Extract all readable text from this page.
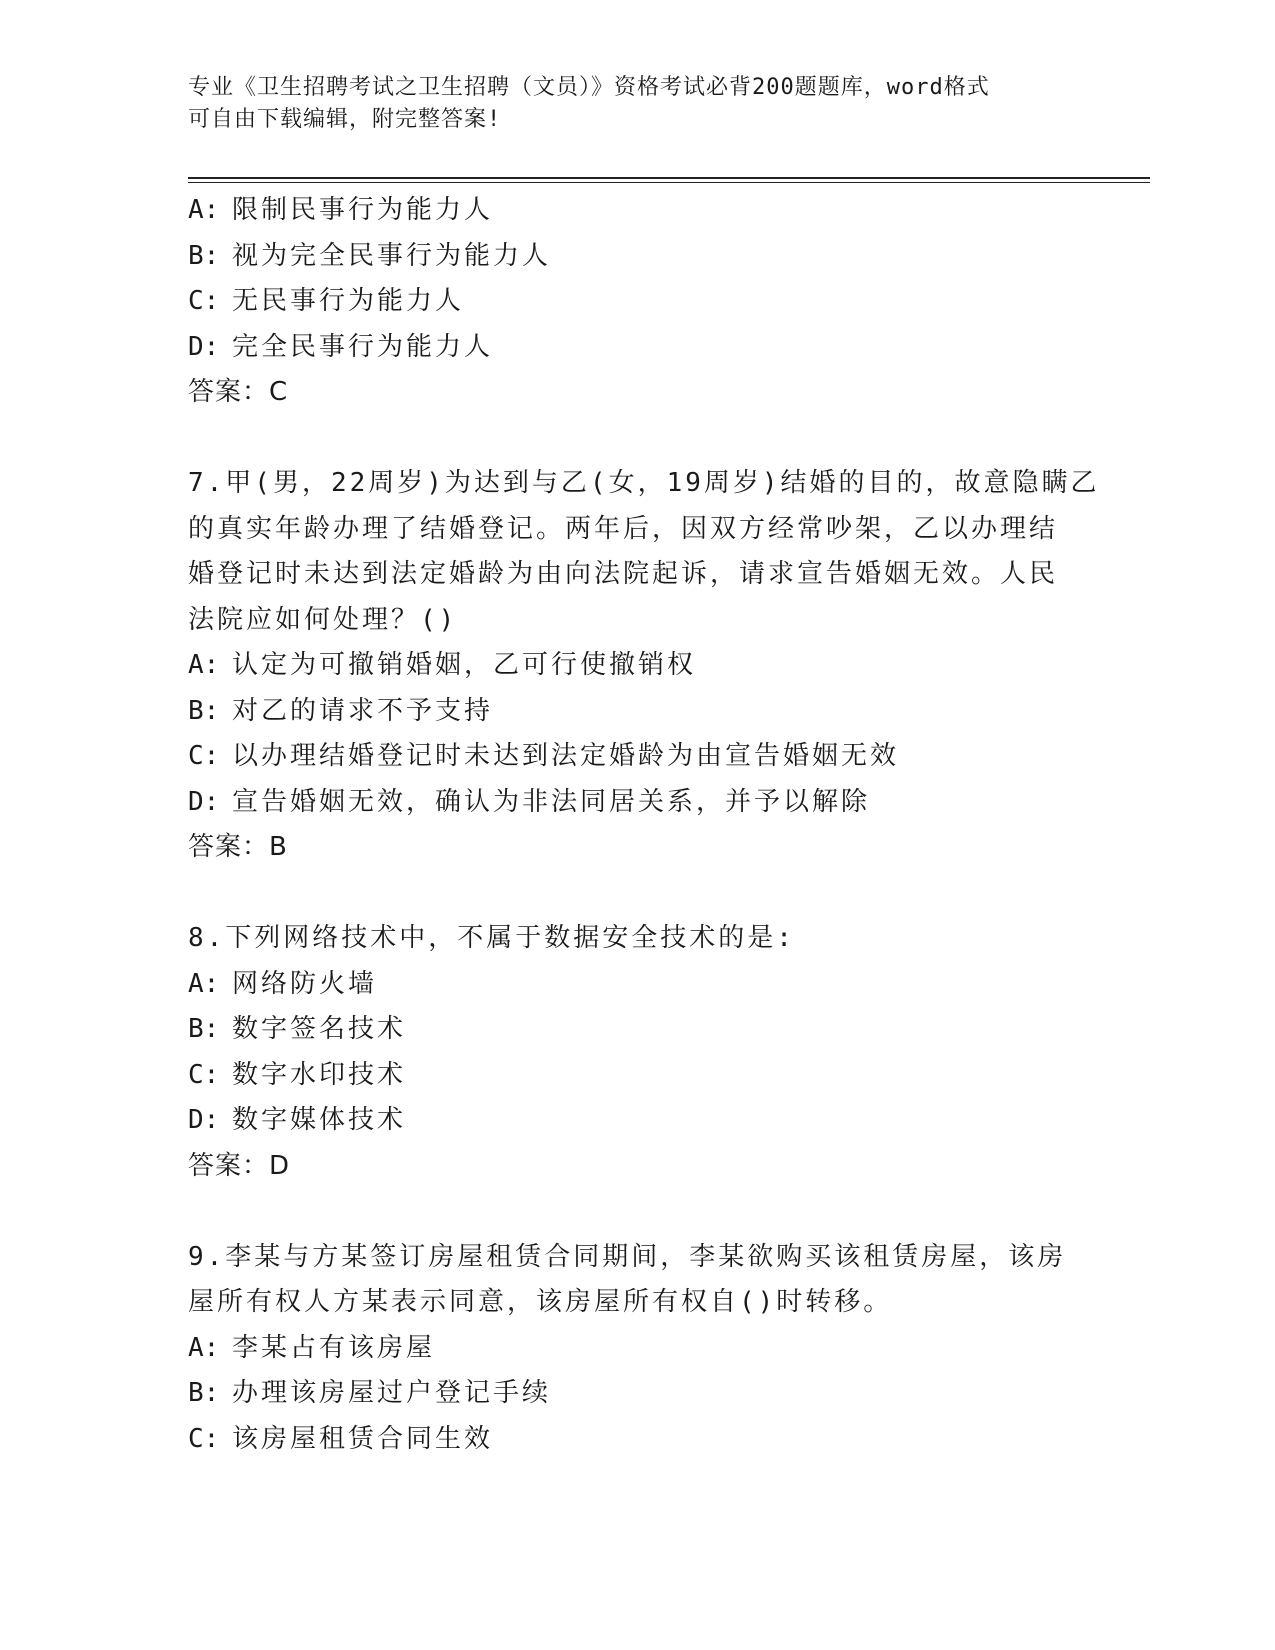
专业《卫生招聘考试之卫生招聘（文员）》资格考试必背200题题库，word格式
可自由下载编辑，附完整答案!
A: 限制民事行为能力人
B: 视为完全民事行为能力人
C: 无民事行为能力人
D: 完全民事行为能力人
答案：C
7.甲(男，22周岁)为达到与乙(女，19周岁)结婚的目的，故意隐瞒乙
的真实年龄办理了结婚登记。两年后，因双方经常吵架，乙以办理结
婚登记时未达到法定婚龄为由向法院起诉，请求宣告婚姻无效。人民
法院应如何处理？()
A: 认定为可撤销婚姻，乙可行使撤销权
B: 对乙的请求不予支持
C: 以办理结婚登记时未达到法定婚龄为由宣告婚姻无效
D: 宣告婚姻无效，确认为非法同居关系，并予以解除
答案：B
8.下列网络技术中，不属于数据安全技术的是:
A: 网络防火墙
B: 数字签名技术
C: 数字水印技术
D: 数字媒体技术
答案：D
9.李某与方某签订房屋租赁合同期间，李某欲购买该租赁房屋，该房
屋所有权人方某表示同意，该房屋所有权自()时转移。
A: 李某占有该房屋
B: 办理该房屋过户登记手续
C: 该房屋租赁合同生效
